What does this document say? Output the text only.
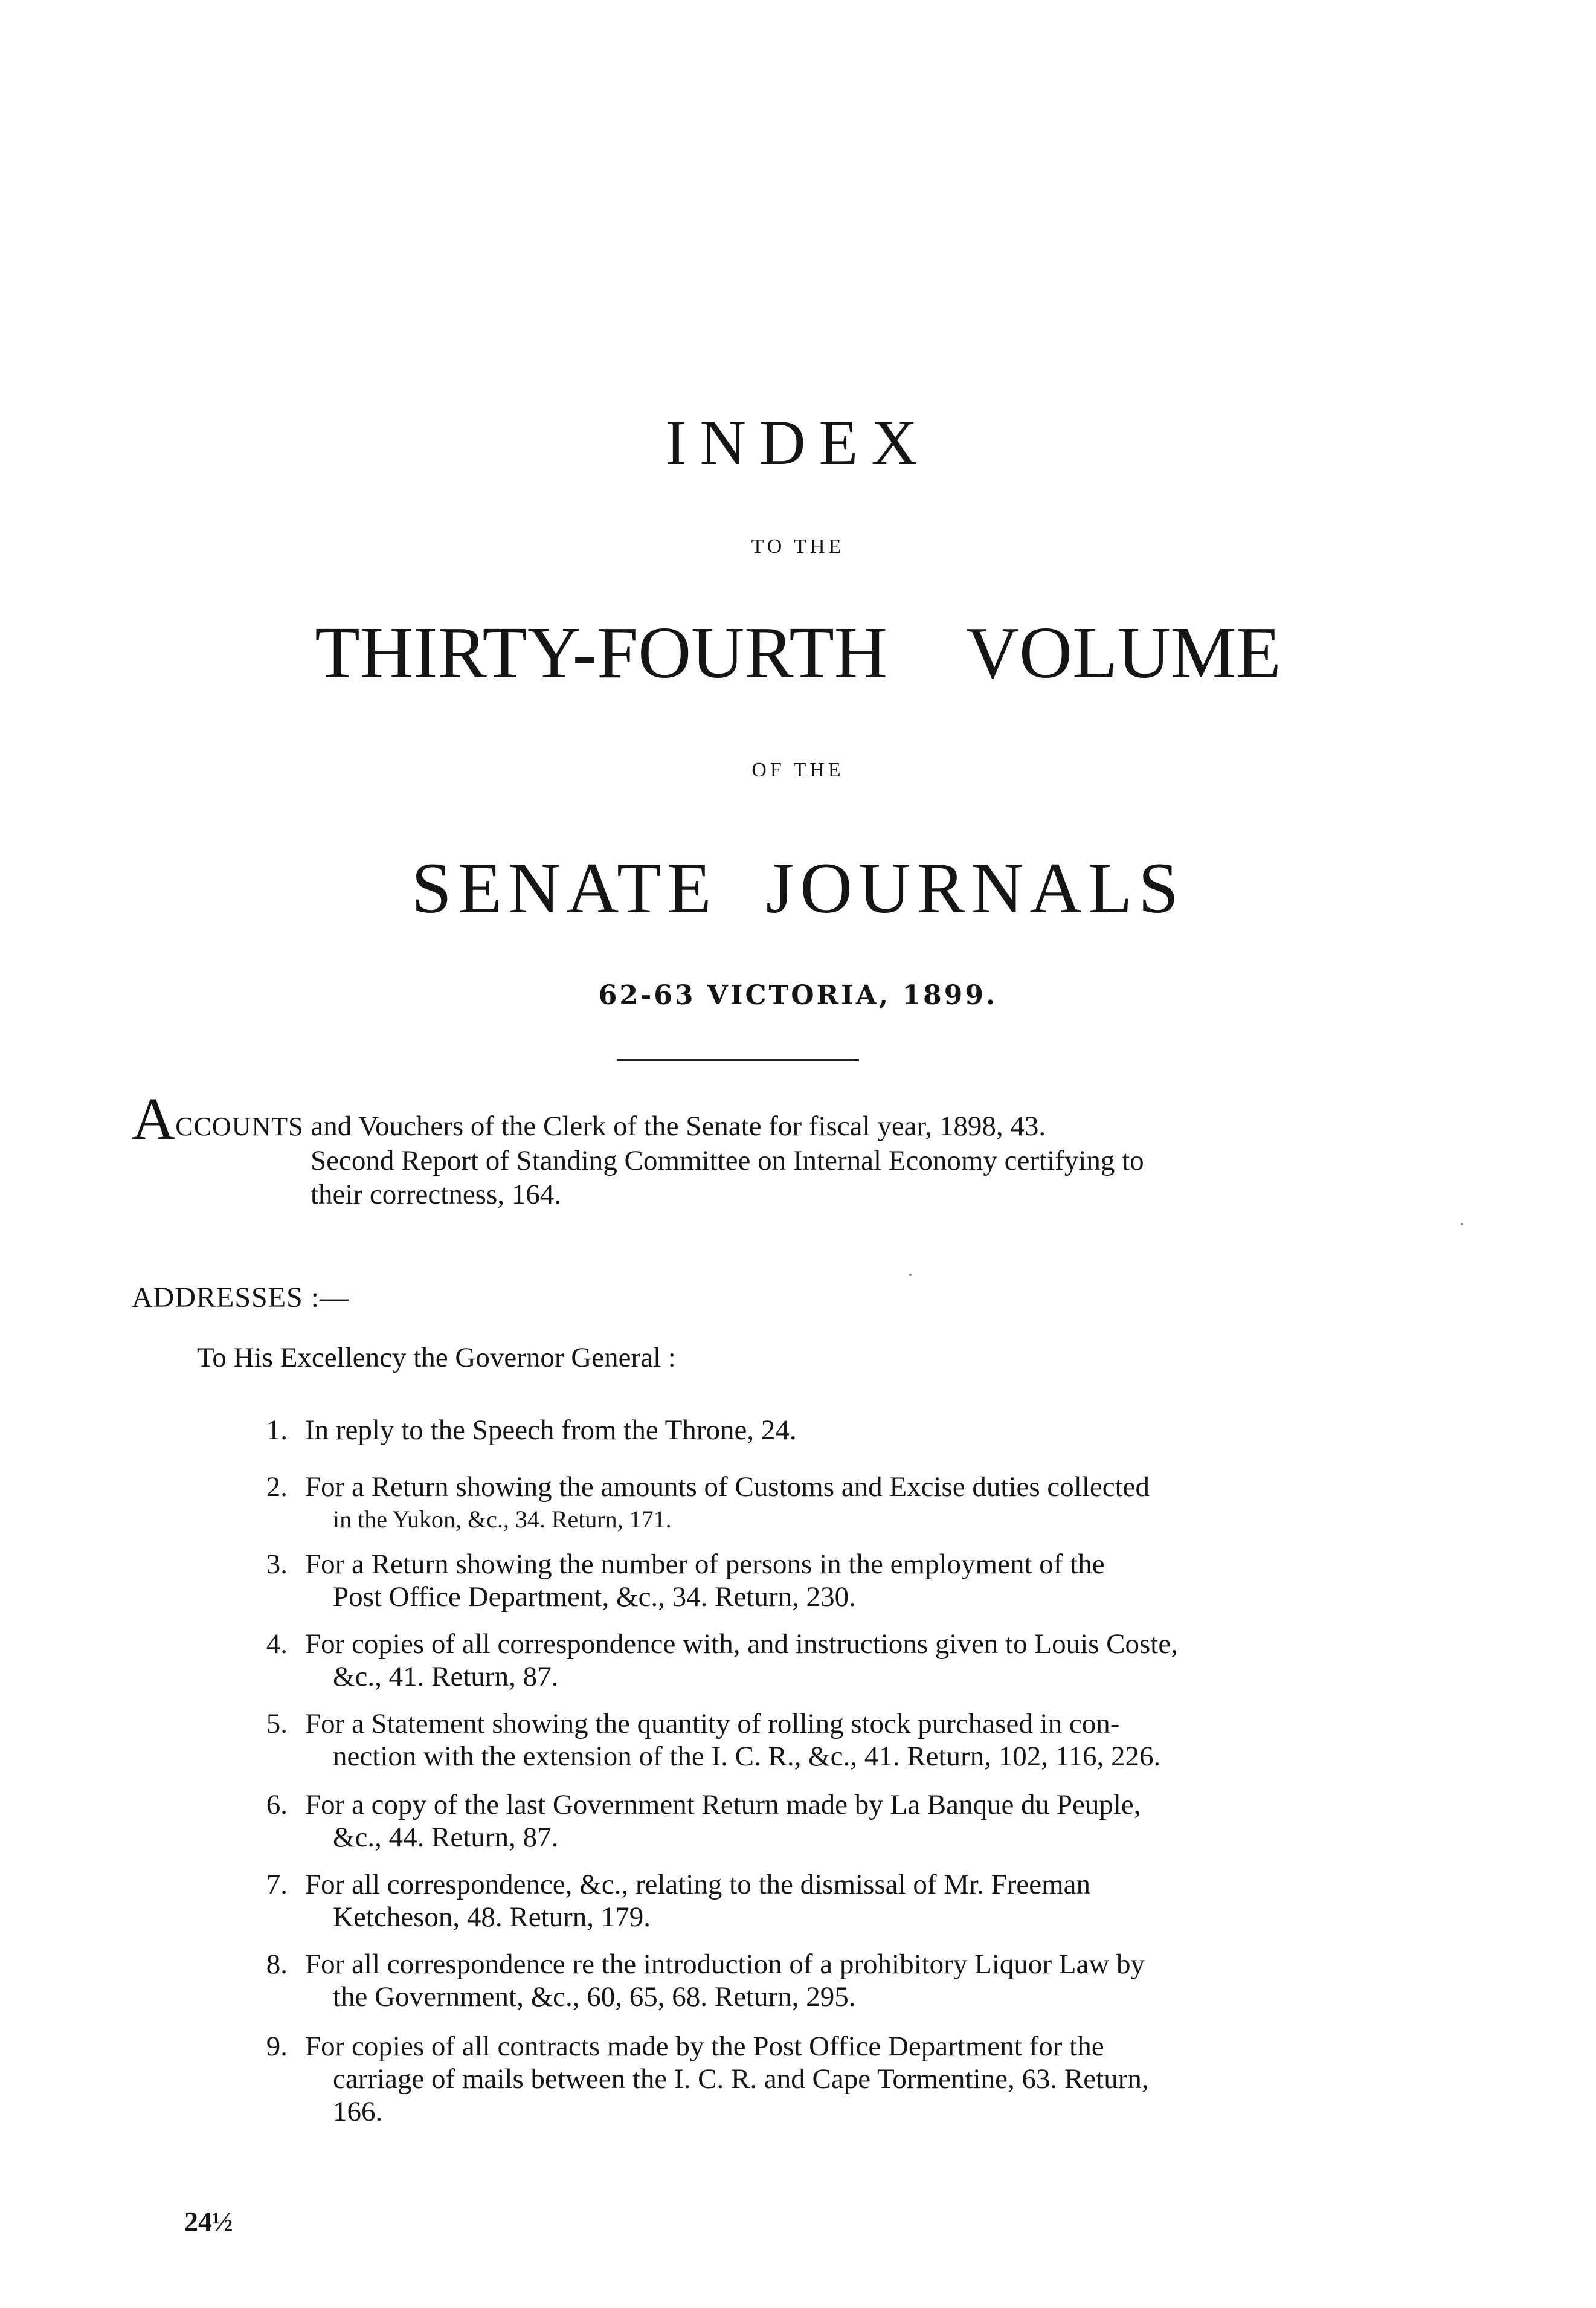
INDEX
TO THE
THIRTY-FOURTH VOLUME
OF THE
SENATE JOURNALS
62-63 VICTORIA, 1899.
ACCOUNTS and Vouchers of the Clerk of the Senate for fiscal year, 1898, 43.
Second Report of Standing Committee on Internal Economy certifying to
their correctness, 164.
ADDRESSES :—
To His Excellency the Governor General :
1. In reply to the Speech from the Throne, 24.
2. For a Return showing the amounts of Customs and Excise duties collected
in the Yukon, &c., 34. Return, 171.
3. For a Return showing the number of persons in the employment of the
Post Office Department, &c., 34. Return, 230.
4. For copies of all correspondence with, and instructions given to Louis Coste,
&c., 41. Return, 87.
5. For a Statement showing the quantity of rolling stock purchased in con-
nection with the extension of the I. C. R., &c., 41. Return, 102, 116, 226.
6. For a copy of the last Government Return made by La Banque du Peuple,
&c., 44. Return, 87.
7. For all correspondence, &c., relating to the dismissal of Mr. Freeman
Ketcheson, 48. Return, 179.
8. For all correspondence re the introduction of a prohibitory Liquor Law by
the Government, &c., 60, 65, 68. Return, 295.
9. For copies of all contracts made by the Post Office Department for the
carriage of mails between the I. C. R. and Cape Tormentine, 63. Return,
166.
24½
